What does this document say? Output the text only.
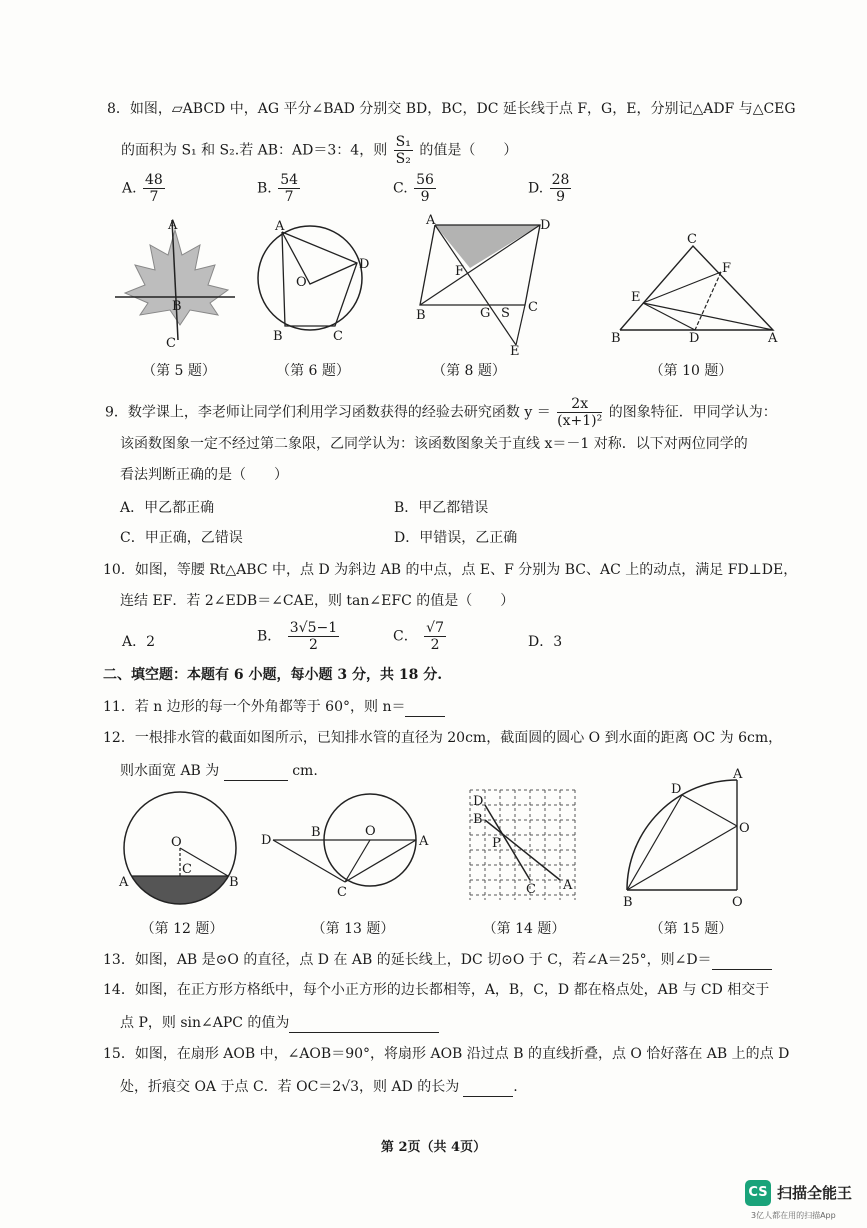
8．如图，▱ABCD 中，AG 平分∠BAD 分别交 BD，BC，DC 延长线于点 F，G，E，分别记△ADF 与△CEG
的面积为 S₁ 和 S₂.若 AB：AD＝3：4，则 $\frac{\text{S₁}}{\text{S₂}}$ 的值是（　　）
A. $\frac{48}{7}$	B. $\frac{54}{7}$	C. $\frac{56}{9}$	D. $\frac{28}{9}$
A
B
C
A
O
D
B	C
A	D
F
B	G S C
E
C
F
E
B	D	A
（第 5 题）	（第 6 题）	（第 8 题）	（第 10 题）
9．数学课上，李老师让同学们利用学习函数获得的经验去研究函数 $y = \frac{2x}{\text{(x+1)²}}$ 的图象特征．甲同学认为：
该函数图象一定不经过第二象限，乙同学认为：该函数图象关于直线 x＝－1 对称．以下对两位同学的
看法判断正确的是（　　）
A．甲乙都正确	B．甲乙都错误
C．甲正确，乙错误	D．甲错误，乙正确
10．如图，等腰 Rt△ABC 中，点 D 为斜边 AB 的中点，点 E、F 分别为 BC、AC 上的动点，满足 FD⊥DE，
连结 EF．若 2∠EDB＝∠CAE，则 tan∠EFC 的值是（　　）
A．2	B． $\frac{3√5-1}{2}$	C． $\frac{√7}{2}$	D．3
二、填空题：本题有 6 小题，每小题 3 分，共 18 分.
11．若 n 边形的每一个外角都等于 60°，则 n＝
12．一根排水管的截面如图所示，已知排水管的直径为 20cm，截面圆的圆心 O 到水面的距离 OC 为 6cm，
则水面宽 AB 为	cm.
O
C
A	B
D
B	O
A
C
D
B
P
C A
D
A
O
B	O
（第 12 题）	（第 13 题）	（第 14 题）	（第 15 题）
13．如图，AB 是⊙O 的直径，点 D 在 AB 的延长线上，DC 切⊙O 于 C，若∠A＝25°，则∠D＝
14．如图，在正方形方格纸中，每个小正方形的边长都相等，A，B，C，D 都在格点处，AB 与 CD 相交于
点 P，则 sin∠APC 的值为
15．如图，在扇形 AOB 中，∠AOB＝90°，将扇形 AOB 沿过点 B 的直线折叠，点 O 恰好落在 AB 上的点 D
处，折痕交 OA 于点 C．若 OC＝2√3，则 AD 的长为	.
第 2页（共 4页）
CS 扫描全能王
3亿人都在用的扫描App
